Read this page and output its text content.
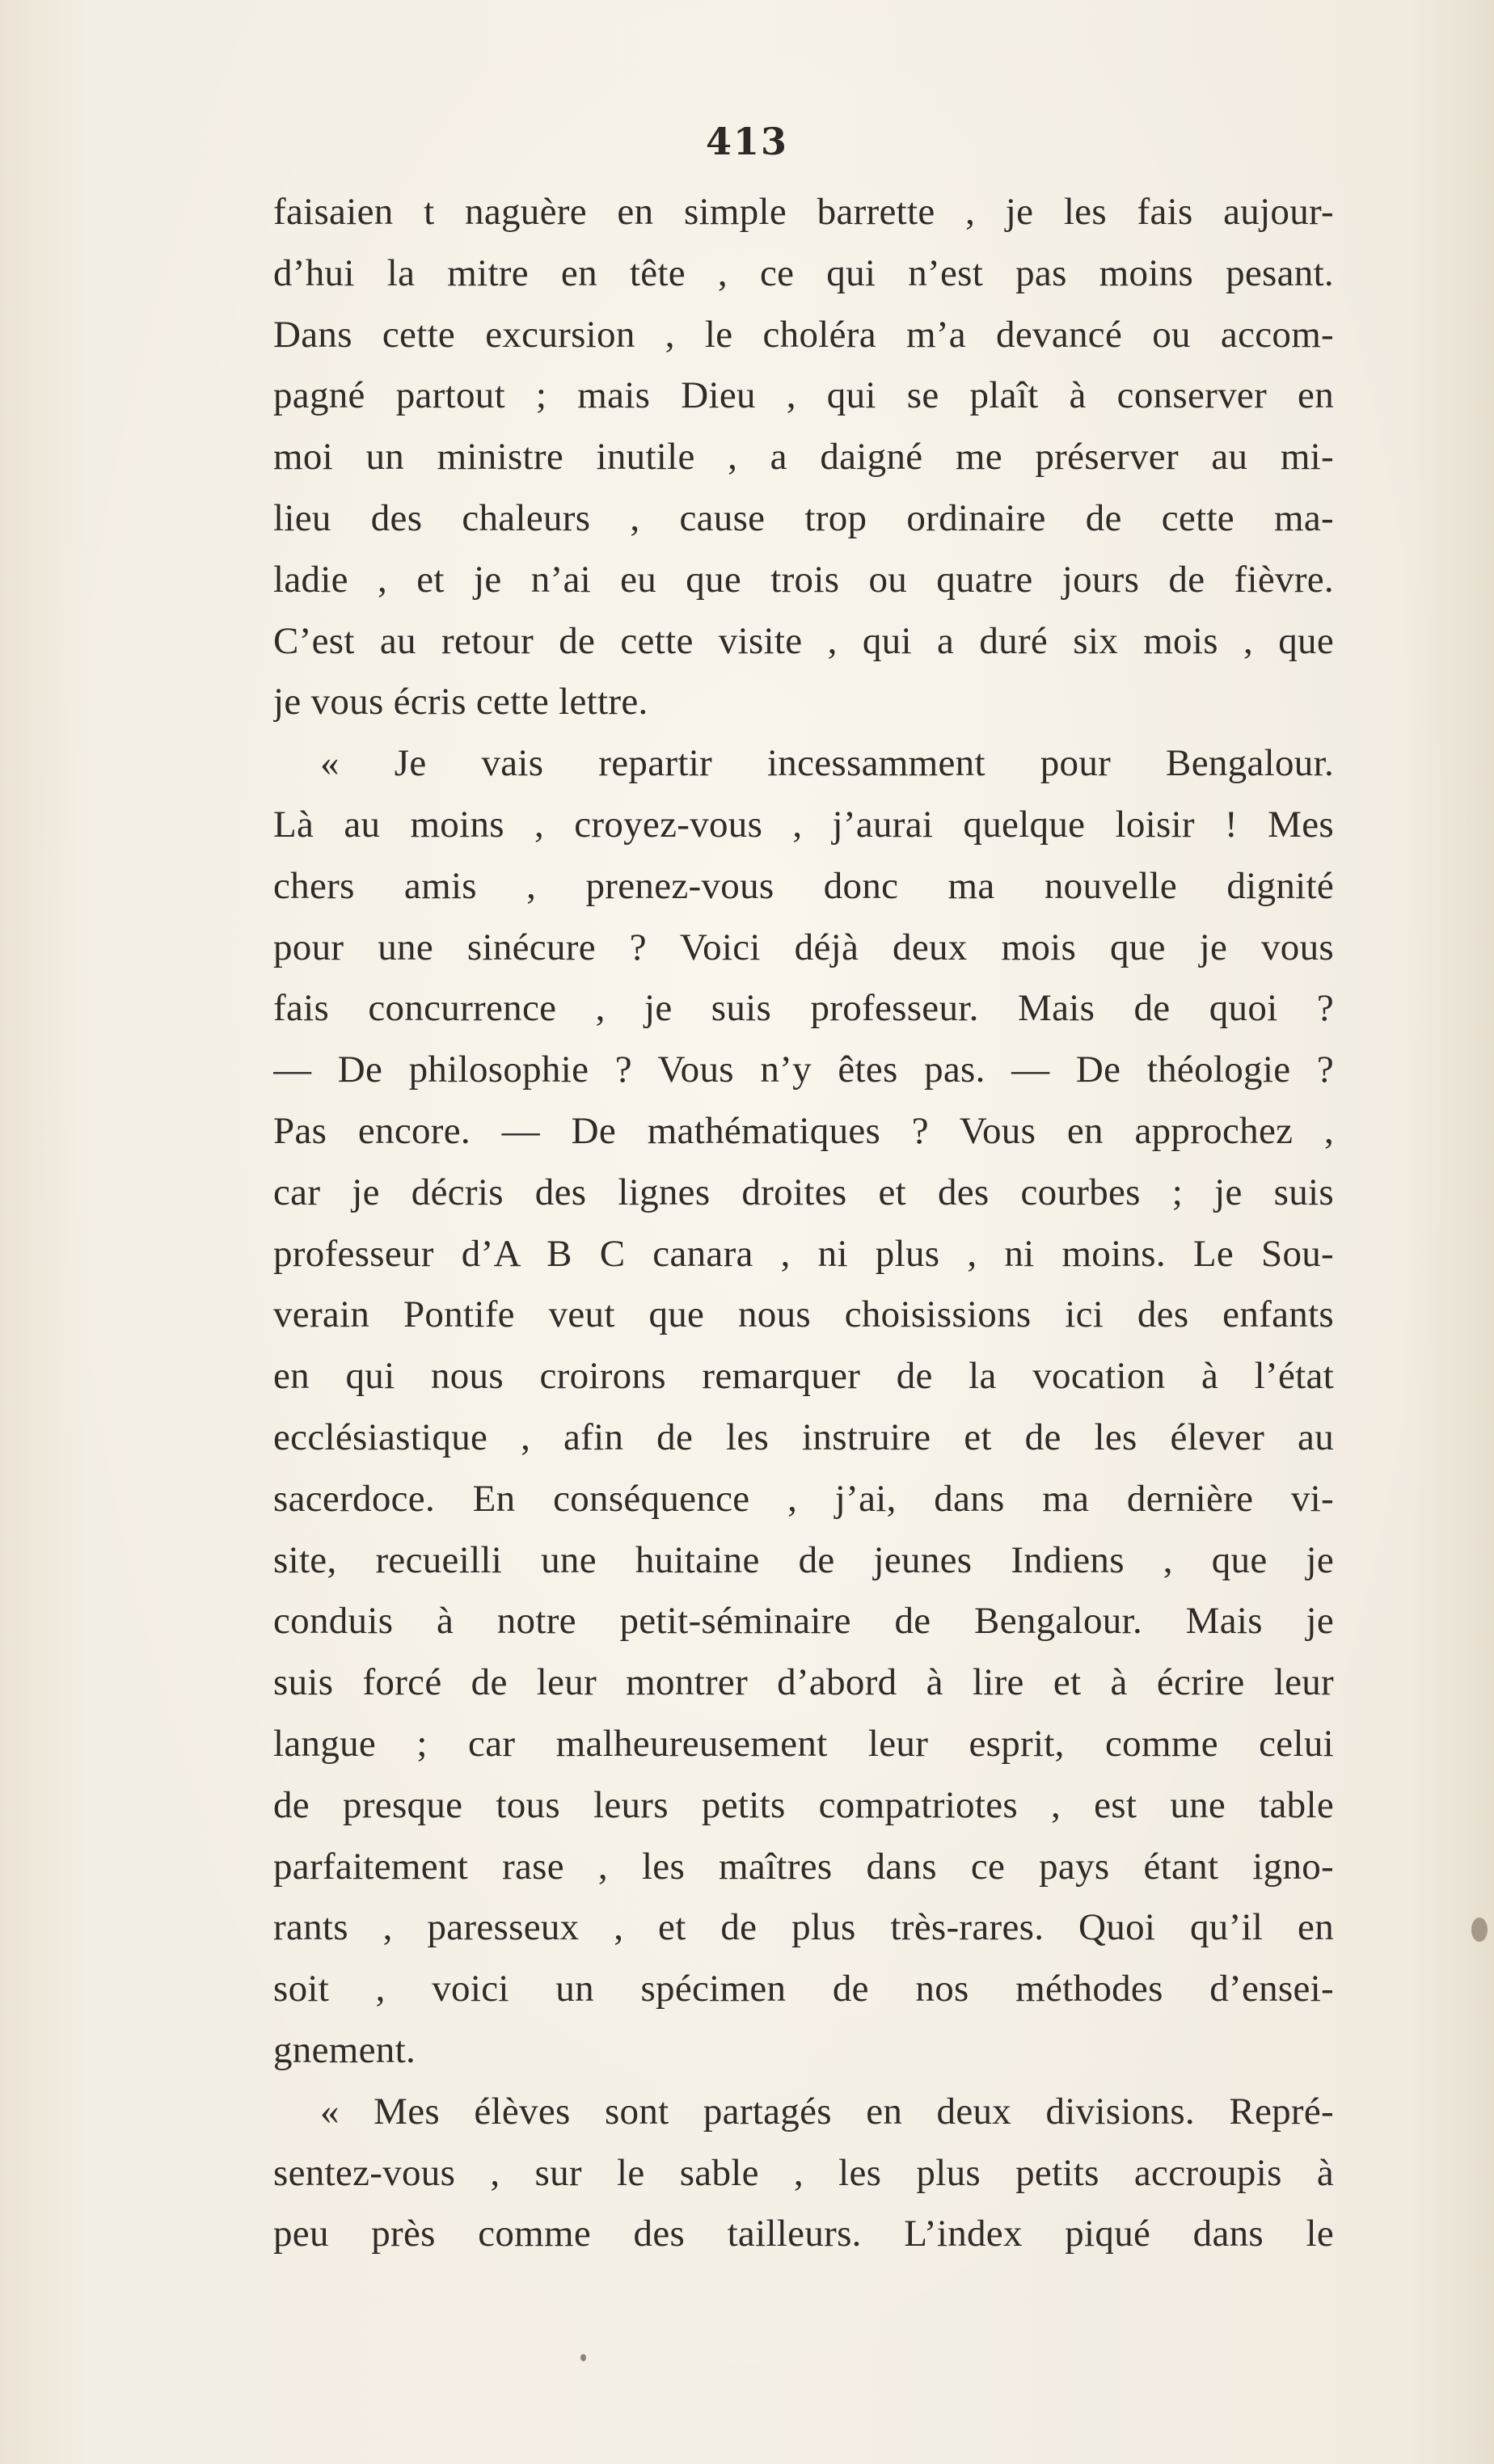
413
faisaien t naguère en simple barrette , je les fais aujour-
d’hui la mitre en tête , ce qui n’est pas moins pesant.
Dans cette excursion , le choléra m’a devancé ou accom-
pagné partout ; mais Dieu , qui se plaît à conserver en
moi un ministre inutile , a daigné me préserver au mi-
lieu des chaleurs , cause trop ordinaire de cette ma-
ladie , et je n’ai eu que trois ou quatre jours de fièvre.
C’est au retour de cette visite , qui a duré six mois , que
je vous écris cette lettre.
« Je vais repartir incessamment pour Bengalour.
Là au moins , croyez-vous , j’aurai quelque loisir ! Mes
chers amis , prenez-vous donc ma nouvelle dignité
pour une sinécure ? Voici déjà deux mois que je vous
fais concurrence , je suis professeur. Mais de quoi ?
— De philosophie ? Vous n’y êtes pas. — De théologie ?
Pas encore. — De mathématiques ? Vous en approchez ,
car je décris des lignes droites et des courbes ; je suis
professeur d’A B C canara , ni plus , ni moins. Le Sou-
verain Pontife veut que nous choisissions ici des enfants
en qui nous croirons remarquer de la vocation à l’état
ecclésiastique , afin de les instruire et de les élever au
sacerdoce. En conséquence , j’ai, dans ma dernière vi-
site, recueilli une huitaine de jeunes Indiens , que je
conduis à notre petit-séminaire de Bengalour. Mais je
suis forcé de leur montrer d’abord à lire et à écrire leur
langue ; car malheureusement leur esprit, comme celui
de presque tous leurs petits compatriotes , est une table
parfaitement rase , les maîtres dans ce pays étant igno-
rants , paresseux , et de plus très-rares. Quoi qu’il en
soit , voici un spécimen de nos méthodes d’ensei-
gnement.
« Mes élèves sont partagés en deux divisions. Repré-
sentez-vous , sur le sable , les plus petits accroupis à
peu près comme des tailleurs. L’index piqué dans le
